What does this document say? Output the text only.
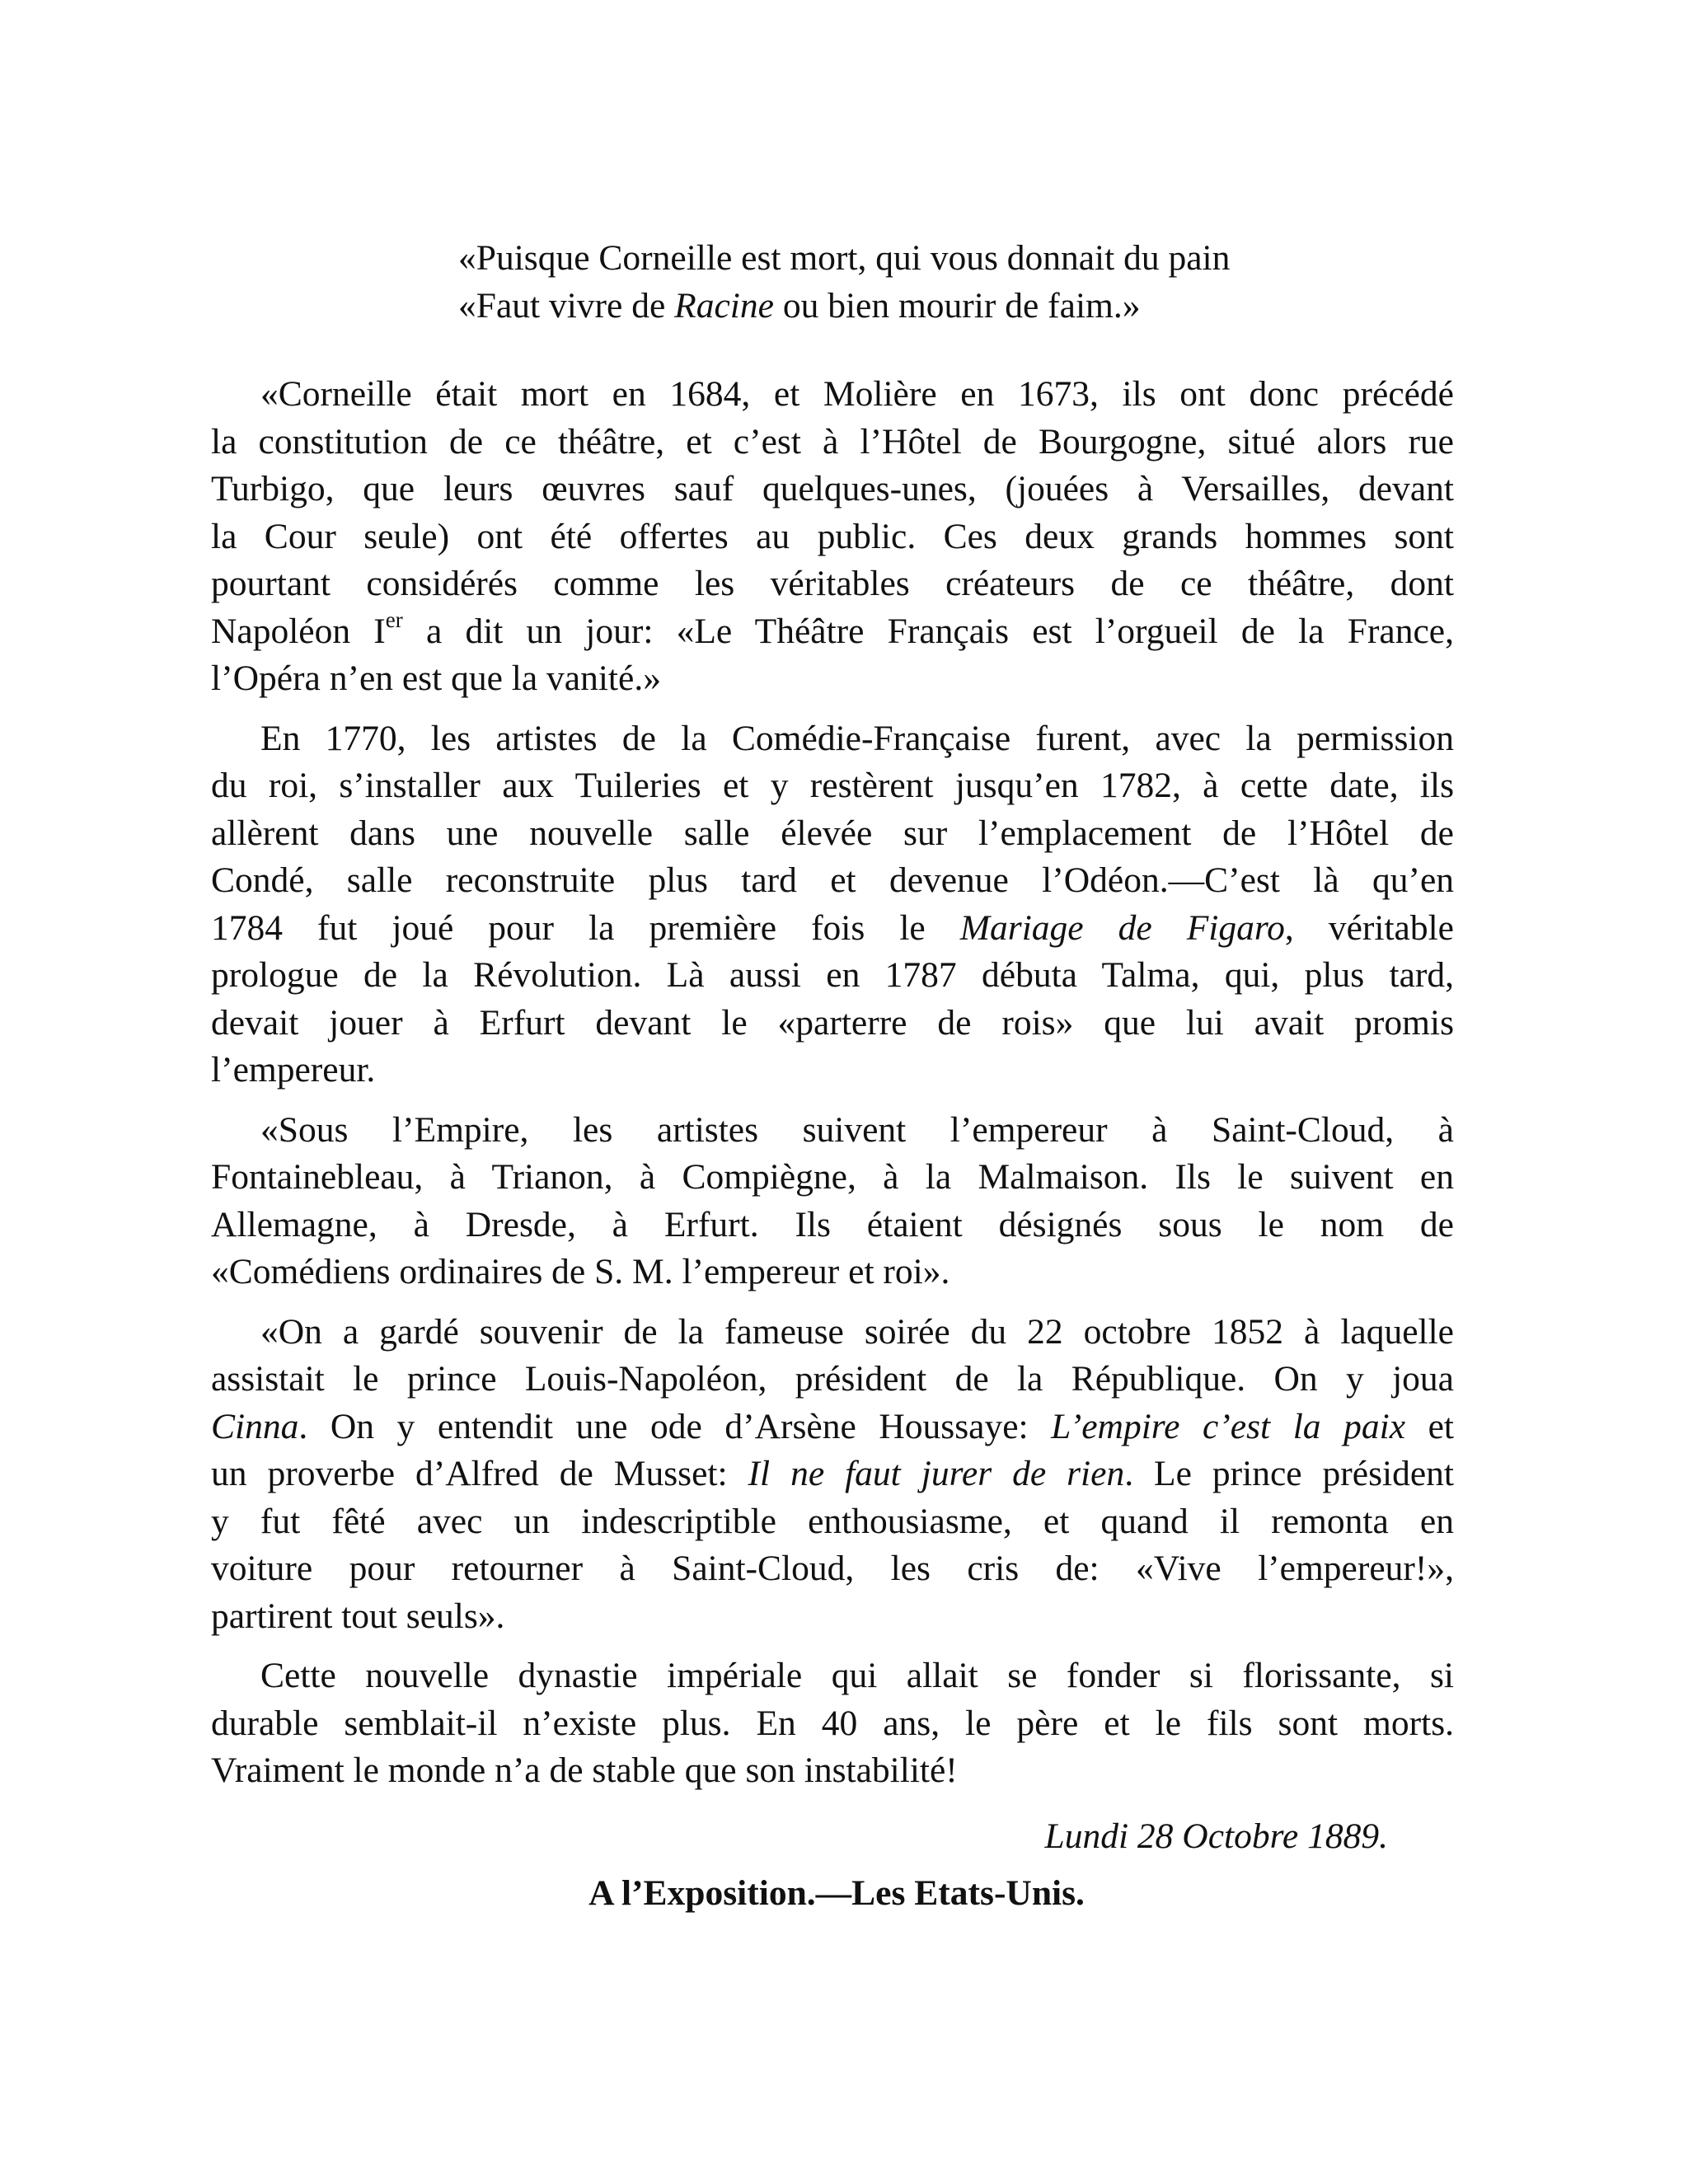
«Puisque Corneille est mort, qui vous donnait du pain
«Faut vivre de Racine ou bien mourir de faim.»
«Corneille était mort en 1684, et Molière en 1673, ils ont donc précédé
la constitution de ce théâtre, et c’est à l’Hôtel de Bourgogne, situé alors rue
Turbigo, que leurs œuvres sauf quelques-unes, (jouées à Versailles, devant
la Cour seule) ont été offertes au public. Ces deux grands hommes sont
pourtant considérés comme les véritables créateurs de ce théâtre, dont
Napoléon Ier a dit un jour: «Le Théâtre Français est l’orgueil de la France,
l’Opéra n’en est que la vanité.»
En 1770, les artistes de la Comédie-Française furent, avec la permission
du roi, s’installer aux Tuileries et y restèrent jusqu’en 1782, à cette date, ils
allèrent dans une nouvelle salle élevée sur l’emplacement de l’Hôtel de
Condé, salle reconstruite plus tard et devenue l’Odéon.—C’est là qu’en
1784 fut joué pour la première fois le Mariage de Figaro, véritable
prologue de la Révolution. Là aussi en 1787 débuta Talma, qui, plus tard,
devait jouer à Erfurt devant le «parterre de rois» que lui avait promis
l’empereur.
«Sous l’Empire, les artistes suivent l’empereur à Saint-Cloud, à
Fontainebleau, à Trianon, à Compiègne, à la Malmaison. Ils le suivent en
Allemagne, à Dresde, à Erfurt. Ils étaient désignés sous le nom de
«Comédiens ordinaires de S. M. l’empereur et roi».
«On a gardé souvenir de la fameuse soirée du 22 octobre 1852 à laquelle
assistait le prince Louis-Napoléon, président de la République. On y joua
Cinna. On y entendit une ode d’Arsène Houssaye: L’empire c’est la paix et
un proverbe d’Alfred de Musset: Il ne faut jurer de rien. Le prince président
y fut fêté avec un indescriptible enthousiasme, et quand il remonta en
voiture pour retourner à Saint-Cloud, les cris de: «Vive l’empereur!»,
partirent tout seuls».
Cette nouvelle dynastie impériale qui allait se fonder si florissante, si
durable semblait-il n’existe plus. En 40 ans, le père et le fils sont morts.
Vraiment le monde n’a de stable que son instabilité!
Lundi 28 Octobre 1889.
A l’Exposition.—Les Etats-Unis.
